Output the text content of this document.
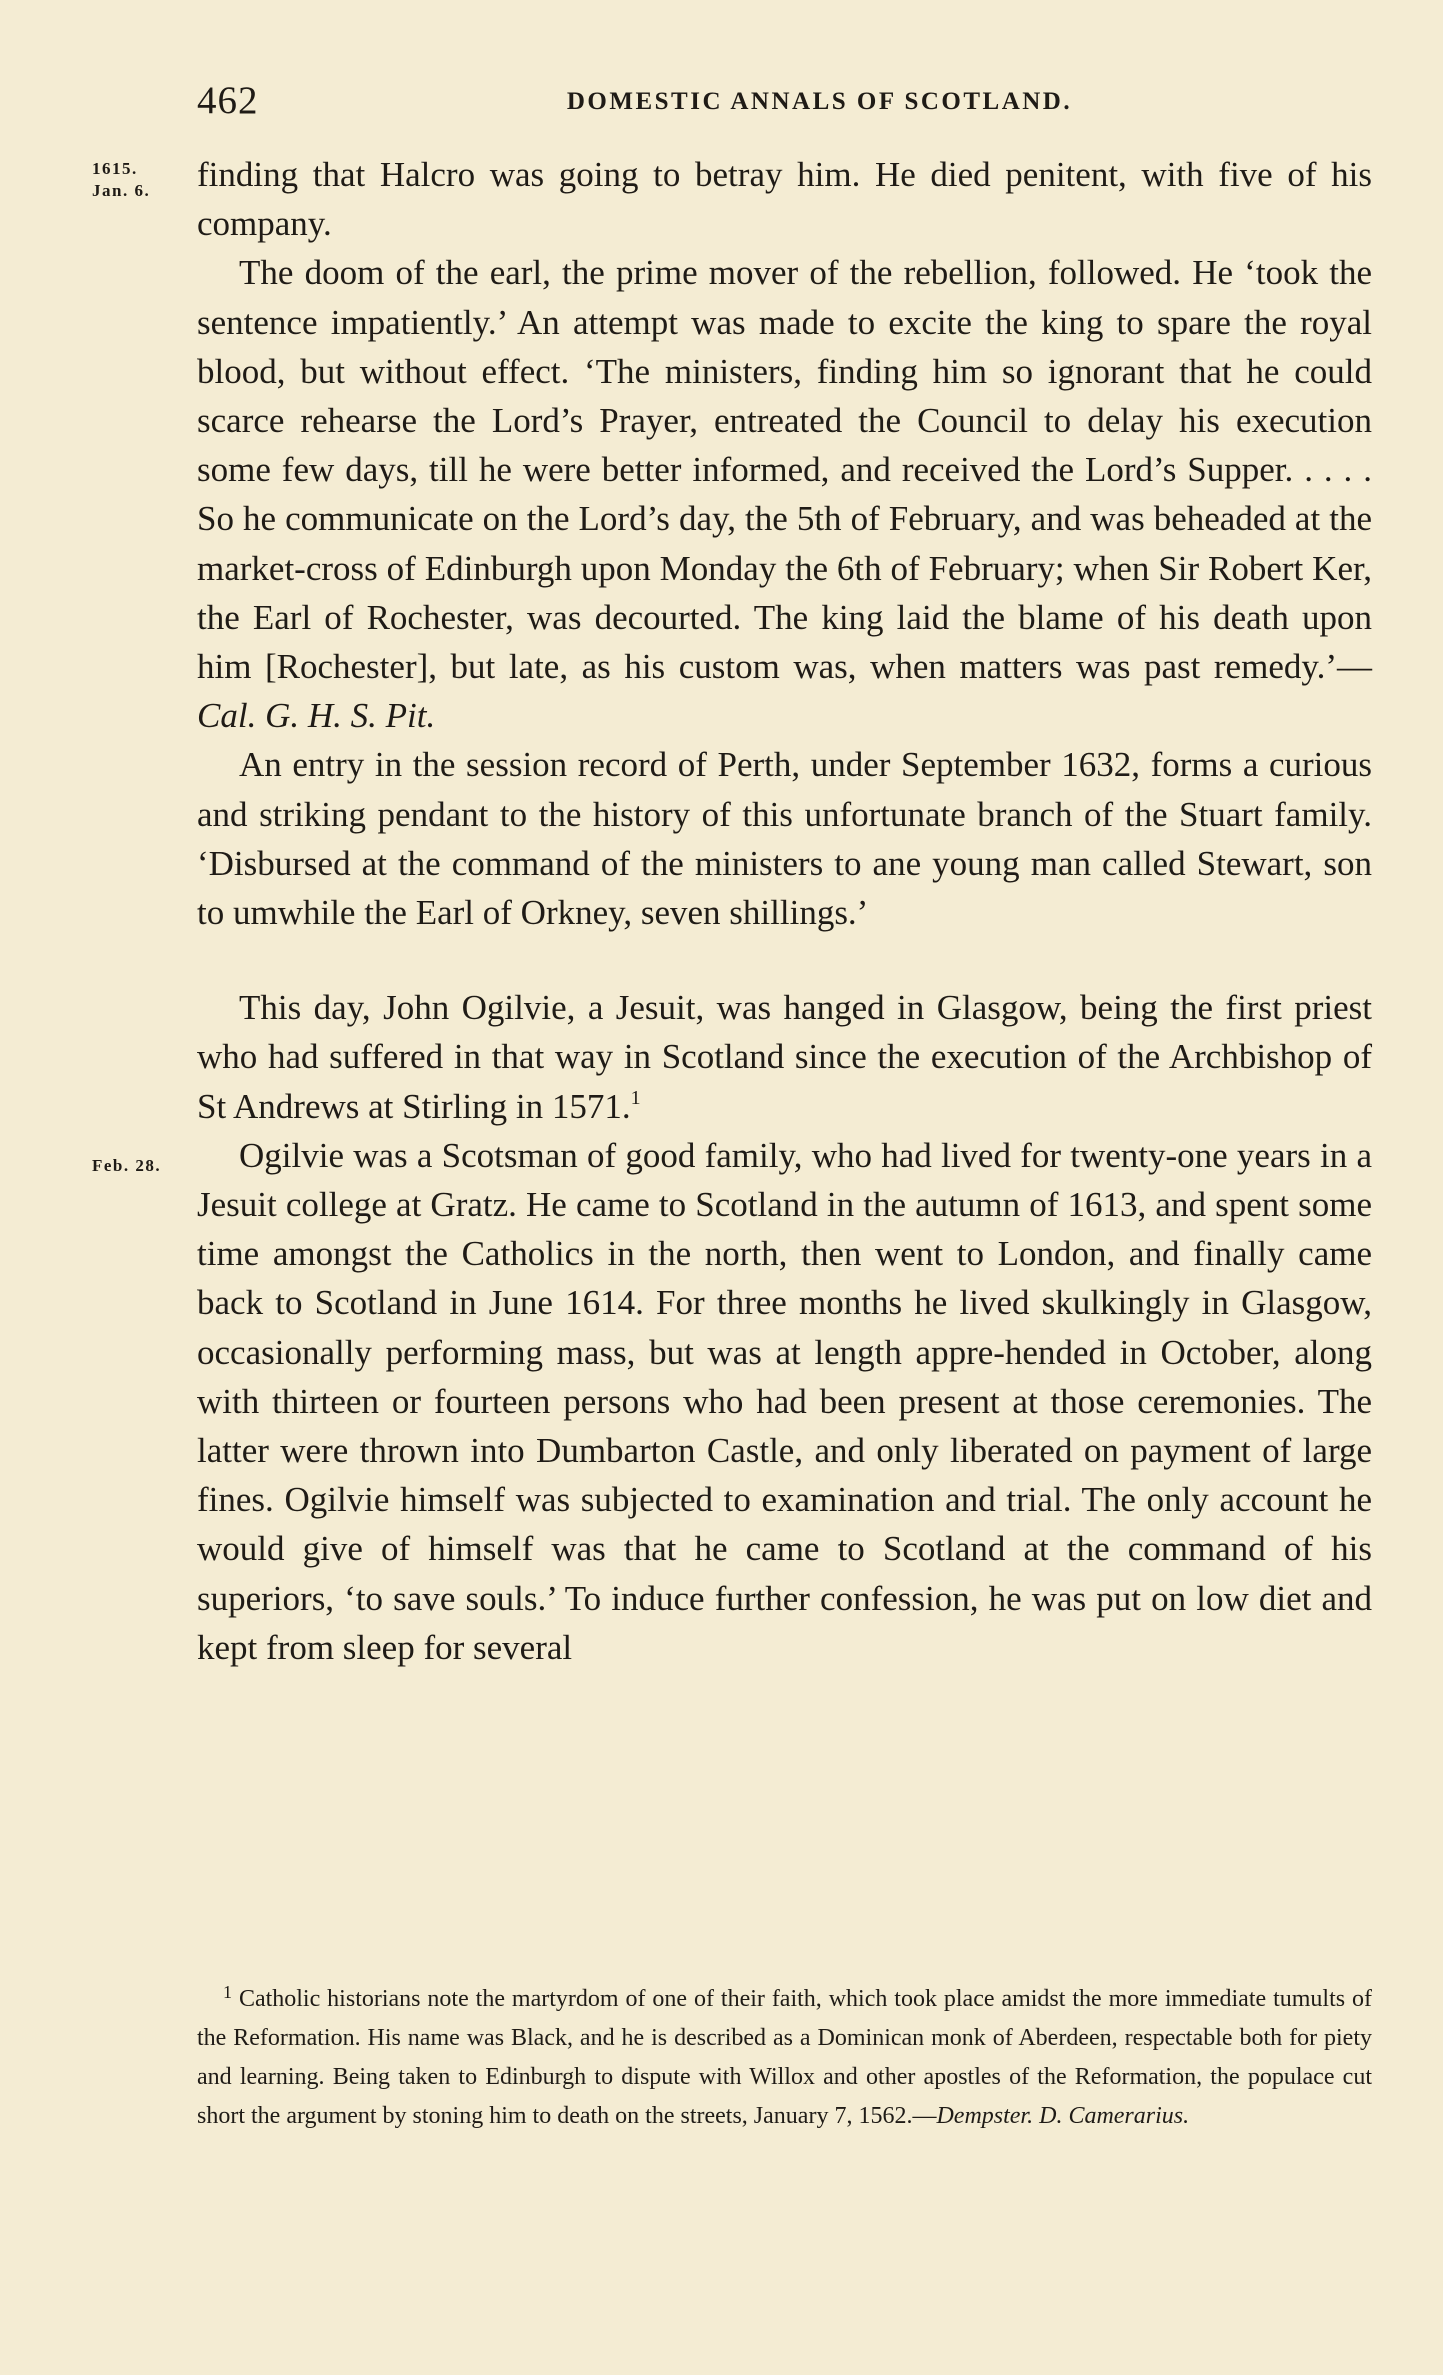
462	DOMESTIC ANNALS OF SCOTLAND.
1615.
Jan. 6.
Feb. 28.

finding that Halcro was going to betray him. He died penitent, with five of his company.

The doom of the earl, the prime mover of the rebellion, followed. He ‘took the sentence impatiently.’ An attempt was made to excite the king to spare the royal blood, but without effect. ‘The ministers, finding him so ignorant that he could scarce rehearse the Lord’s Prayer, entreated the Council to delay his execution some few days, till he were better informed, and received the Lord’s Supper. . . . . So he communicate on the Lord’s day, the 5th of February, and was beheaded at the market-cross of Edinburgh upon Monday the 6th of February; when Sir Robert Ker, the Earl of Rochester, was decourted. The king laid the blame of his death upon him [Rochester], but late, as his custom was, when matters was past remedy.’—Cal. G. H. S. Pit.

An entry in the session record of Perth, under September 1632, forms a curious and striking pendant to the history of this unfortunate branch of the Stuart family. ‘Disbursed at the command of the ministers to ane young man called Stewart, son to umwhile the Earl of Orkney, seven shillings.’

This day, John Ogilvie, a Jesuit, was hanged in Glasgow, being the first priest who had suffered in that way in Scotland since the execution of the Archbishop of St Andrews at Stirling in 1571.$^1$

Ogilvie was a Scotsman of good family, who had lived for twenty-one years in a Jesuit college at Gratz. He came to Scotland in the autumn of 1613, and spent some time amongst the Catholics in the north, then went to London, and finally came back to Scotland in June 1614. For three months he lived skulkingly in Glasgow, occasionally performing mass, but was at length appre-hended in October, along with thirteen or fourteen persons who had been present at those ceremonies. The latter were thrown into Dumbarton Castle, and only liberated on payment of large fines. Ogilvie himself was subjected to examination and trial. The only account he would give of himself was that he came to Scotland at the command of his superiors, ‘to save souls.’ To induce further confession, he was put on low diet and kept from sleep for several

$^1$ Catholic historians note the martyrdom of one of their faith, which took place amidst the more immediate tumults of the Reformation. His name was Black, and he is described as a Dominican monk of Aberdeen, respectable both for piety and learning. Being taken to Edinburgh to dispute with Willox and other apostles of the Reformation, the populace cut short the argument by stoning him to death on the streets, January 7, 1562.—Dempster. D. Camerarius.
